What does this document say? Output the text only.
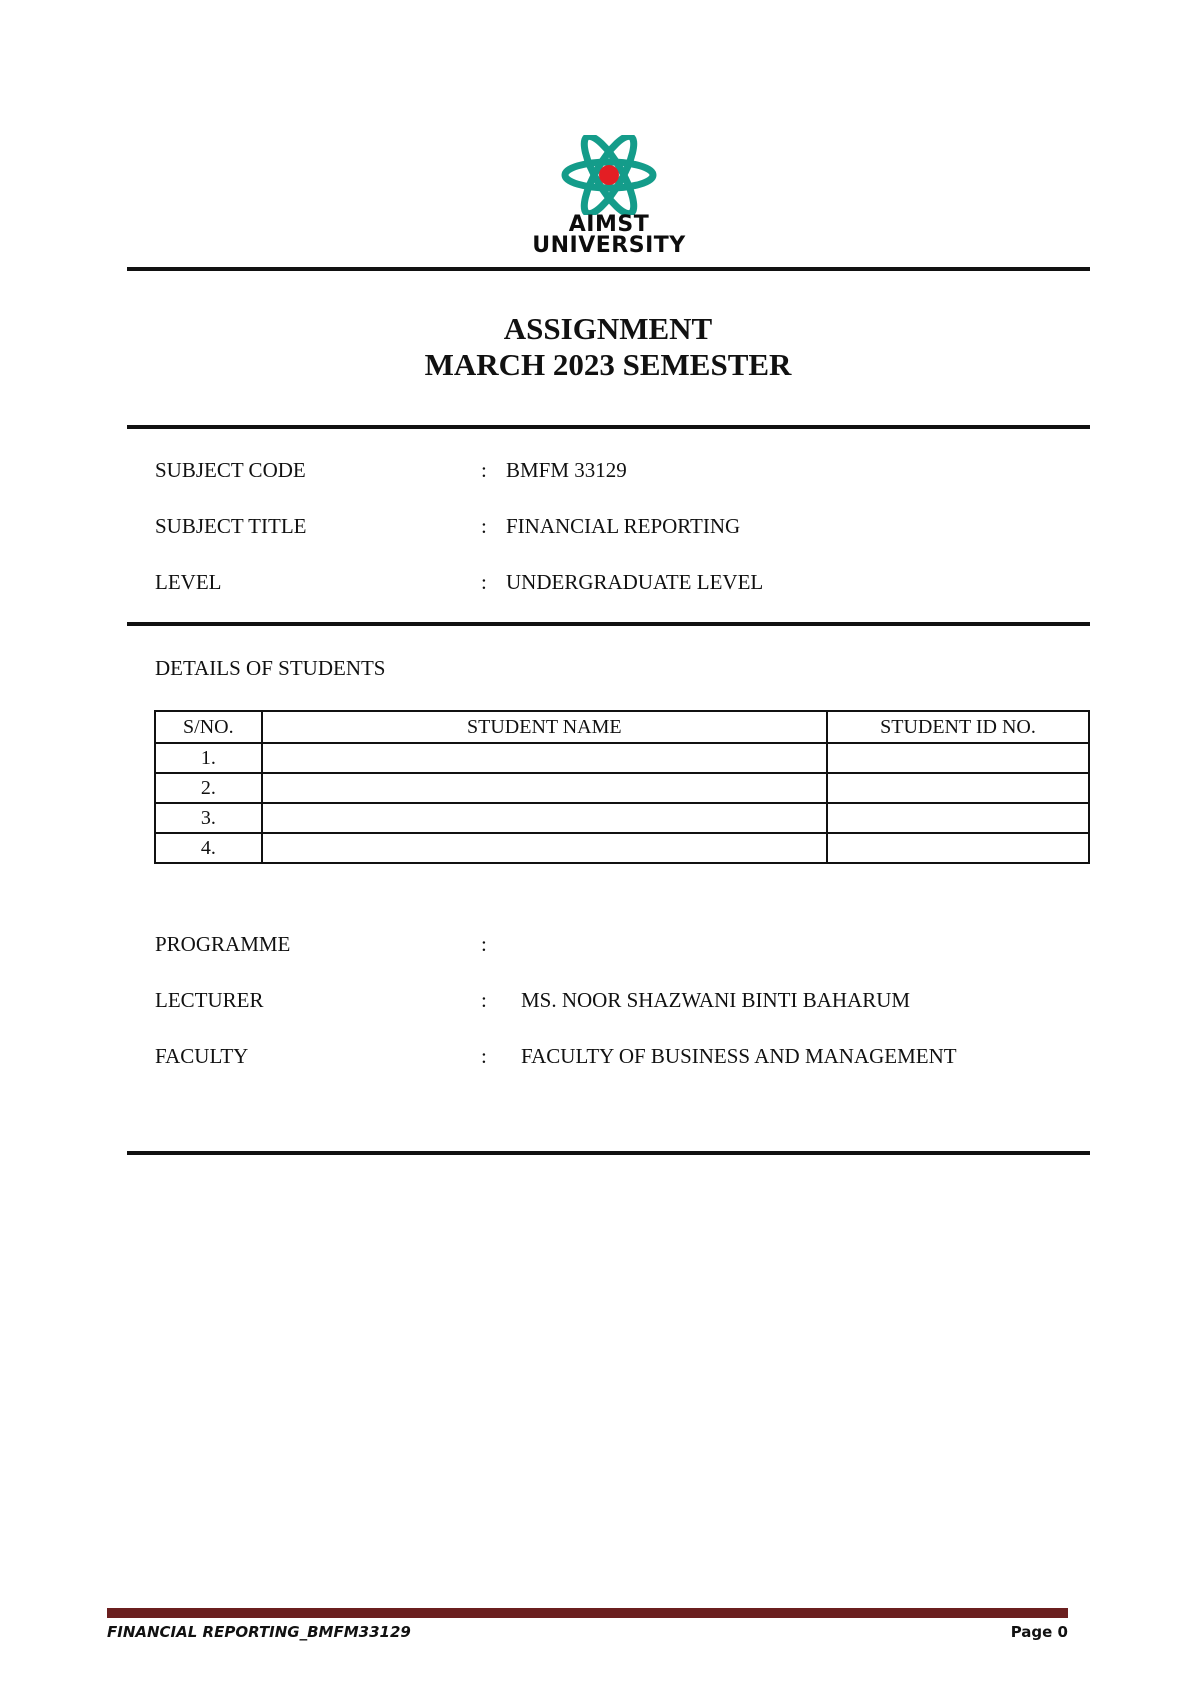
AIMST
UNIVERSITY
ASSIGNMENT
MARCH 2023 SEMESTER
SUBJECT CODE	: BMFM 33129
SUBJECT TITLE	: FINANCIAL REPORTING
LEVEL	: UNDERGRADUATE LEVEL
DETAILS OF STUDENTS
S/NO.	STUDENT NAME	STUDENT ID NO.
1.		
2.		
3.		
4.		
PROGRAMME	:
LECTURER	: MS. NOOR SHAZWANI BINTI BAHARUM
FACULTY	: FACULTY OF BUSINESS AND MANAGEMENT
FINANCIAL REPORTING_BMFM33129	Page 0
